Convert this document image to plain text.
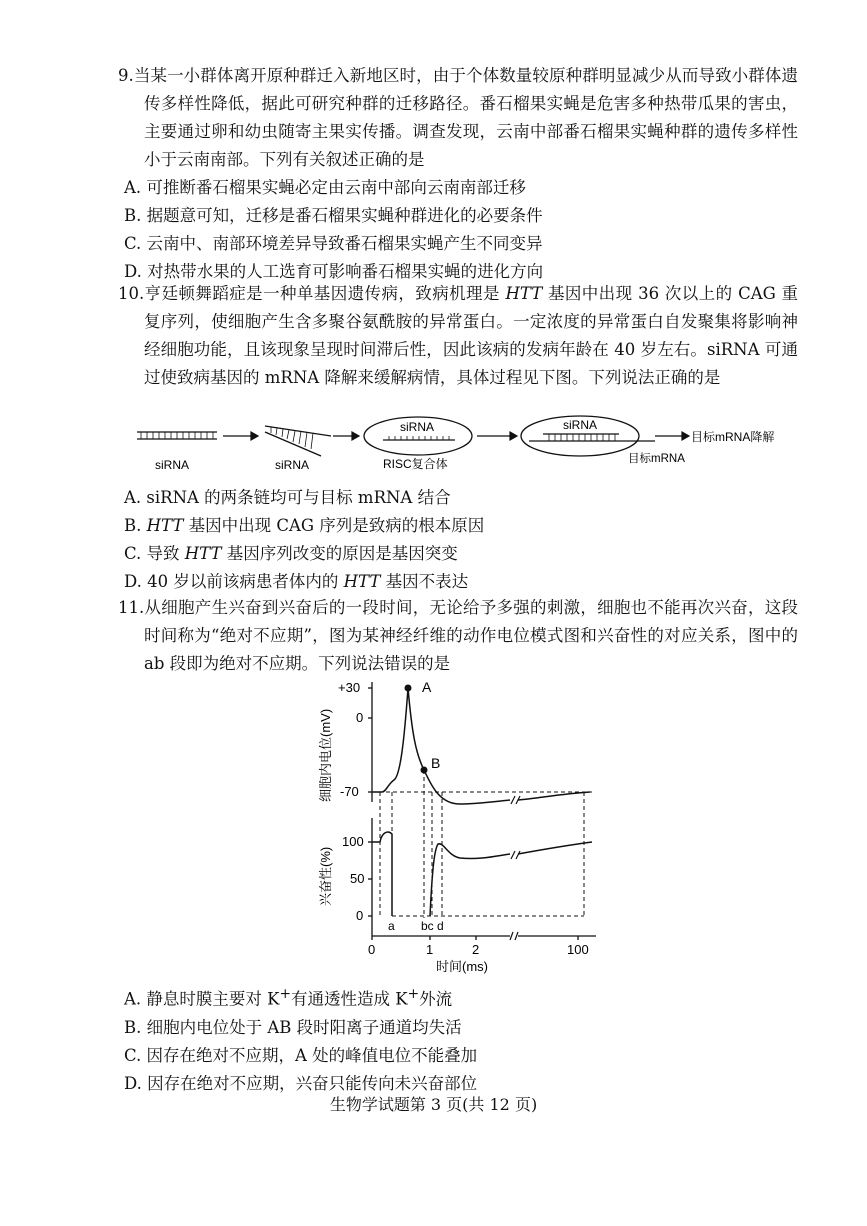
9.当某一小群体离开原种群迁入新地区时，由于个体数量较原种群明显减少从而导致小群体遗传多样性降低，据此可研究种群的迁移路径。番石榴果实蝇是危害多种热带瓜果的害虫，主要通过卵和幼虫随寄主果实传播。调查发现，云南中部番石榴果实蝇种群的遗传多样性小于云南南部。下列有关叙述正确的是

A. 可推断番石榴果实蝇必定由云南中部向云南南部迁移

B. 据题意可知，迁移是番石榴果实蝇种群进化的必要条件

C. 云南中、南部环境差异导致番石榴果实蝇产生不同变异

D. 对热带水果的人工选育可影响番石榴果实蝇的进化方向

10.亨廷顿舞蹈症是一种单基因遗传病，致病机理是 HTT 基因中出现 36 次以上的 CAG 重复序列，使细胞产生含多聚谷氨酰胺的异常蛋白。一定浓度的异常蛋白自发聚集将影响神经细胞功能，且该现象呈现时间滞后性，因此该病的发病年龄在 40 岁左右。siRNA 可通过使致病基因的 mRNA 降解来缓解病情，具体过程见下图。下列说法正确的是

siRNA	siRNA
siRNA
RISC复合体
siRNA
目标mRNA
目标mRNA降解

A. siRNA 的两条链均可与目标 mRNA 结合

B. HTT 基因中出现 CAG 序列是致病的根本原因

C. 导致 HTT 基因序列改变的原因是基因突变

D. 40 岁以前该病患者体内的 HTT 基因不表达

11.从细胞产生兴奋到兴奋后的一段时间，无论给予多强的刺激，细胞也不能再次兴奋，这段时间称为“绝对不应期”，图为某神经纤维的动作电位模式图和兴奋性的对应关系，图中的 ab 段即为绝对不应期。下列说法错误的是

+30
0
-70
细胞内电位(mV)
A
B
100
50
0
兴奋性(%)
a bc d
0	1	2	100
时间(ms)

A. 静息时膜主要对 K+有通透性造成 K+外流

B. 细胞内电位处于 AB 段时阳离子通道均失活

C. 因存在绝对不应期，A 处的峰值电位不能叠加

D. 因存在绝对不应期，兴奋只能传向未兴奋部位

生物学试题第 3 页(共 12 页)
